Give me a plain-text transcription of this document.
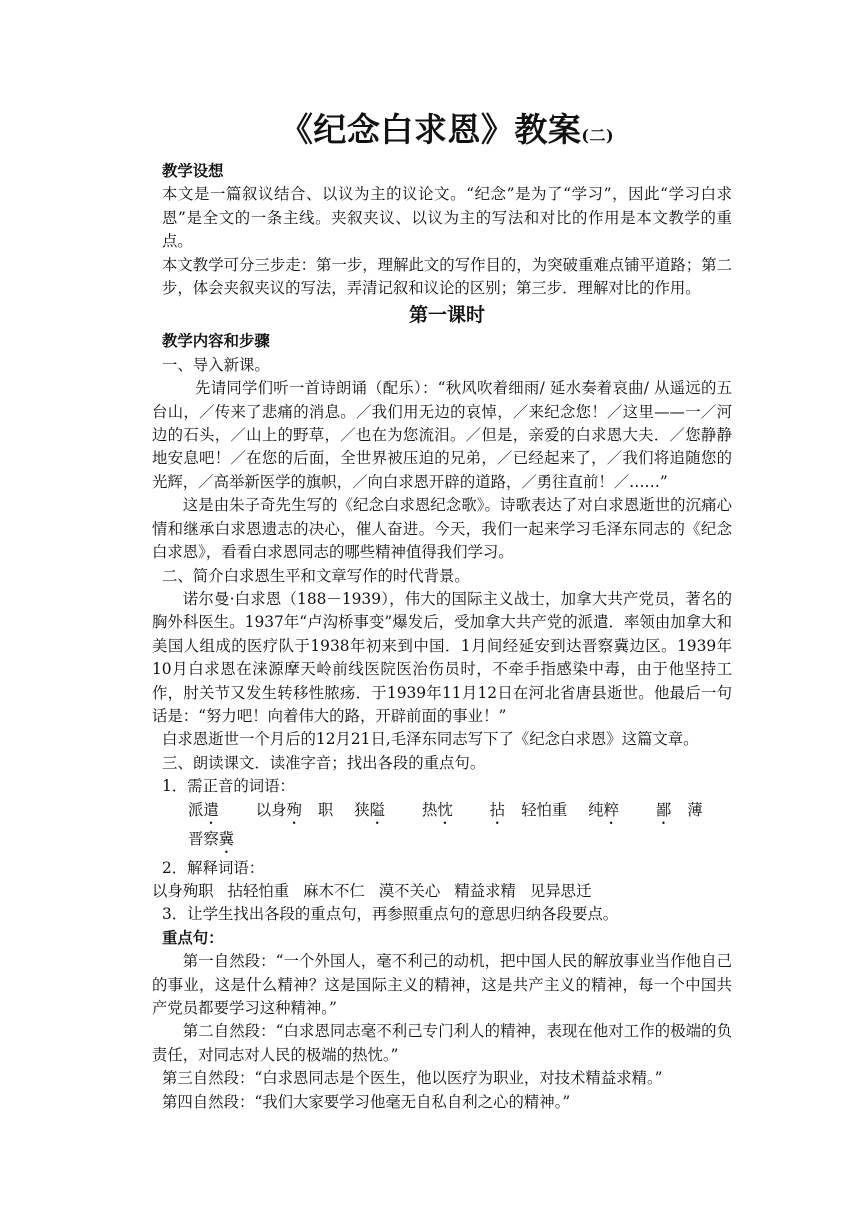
《纪念白求恩》教案(二)

教学设想

本文是一篇叙议结合、以议为主的议论文。“纪念”是为了“学习”，因此“学习白求恩”是全文的一条主线。夹叙夹议、以议为主的写法和对比的作用是本文教学的重点。

本文教学可分三步走：第一步，理解此文的写作目的，为突破重难点铺平道路；第二步，体会夹叙夹议的写法，弄清记叙和议论的区别；第三步．理解对比的作用。

第一课时

教学内容和步骤

一、导入新课。

先请同学们听一首诗朗诵（配乐）：“秋风吹着细雨/ 延水奏着哀曲/ 从遥远的五台山，／传来了悲痛的消息。／我们用无边的哀悼，／来纪念您！／这里——一／河边的石头，／山上的野草，／也在为您流泪。／但是，亲爱的白求恩大夫．／您静静地安息吧！／在您的后面，全世界被压迫的兄弟，／已经起来了，／我们将追随您的光辉，／高举新医学的旗帜，／向白求恩开辟的道路，／勇往直前！／……”

这是由朱子奇先生写的《纪念白求恩纪念歌》。诗歌表达了对白求恩逝世的沉痛心情和继承白求恩遗志的决心，催人奋进。今天，我们一起来学习毛泽东同志的《纪念白求恩》，看看白求恩同志的哪些精神值得我们学习。

二、简介白求恩生平和文章写作的时代背景。

诺尔曼·白求恩（188－1939），伟大的国际主义战士，加拿大共产党员，著名的胸外科医生。1937年“卢沟桥事变”爆发后，受加拿大共产党的派遣．率领由加拿大和美国人组成的医疗队于1938年初来到中国．1月间经延安到达晋察冀边区。1939年10月白求恩在涞源摩天岭前线医院医治伤员时，不牵手指感染中毒，由于他坚持工作，肘关节又发生转移性脓疡．于1939年11月12日在河北省唐县逝世。他最后一句话是：“努力吧！向着伟大的路，开辟前面的事业！”

白求恩逝世一个月后的12月21日,毛泽东同志写下了《纪念白求恩》这篇文章。

三、朗读课文．读准字音；找出各段的重点句。

1．需正音的词语：

派遣 以身殉 职 狭隘 热忱 拈 轻怕重 纯粹 鄙 薄 晋察冀

2．解释词语：

以身殉职 拈轻怕重 麻木不仁 漠不关心 精益求精 见异思迁

3．让学生找出各段的重点句，再参照重点句的意思归纳各段要点。

重点句：

第一自然段：“一个外国人，毫不利己的动机，把中国人民的解放事业当作他自己的事业，这是什么精神？这是国际主义的精神，这是共产主义的精神，每一个中国共产党员都要学习这种精神。”

第二自然段：“白求恩同志毫不利己专门利人的精神，表现在他对工作的极端的负责任，对同志对人民的极端的热忱。”

第三自然段：“白求恩同志是个医生，他以医疗为职业，对技术精益求精。”

第四自然段：“我们大家要学习他毫无自私自利之心的精神。”
